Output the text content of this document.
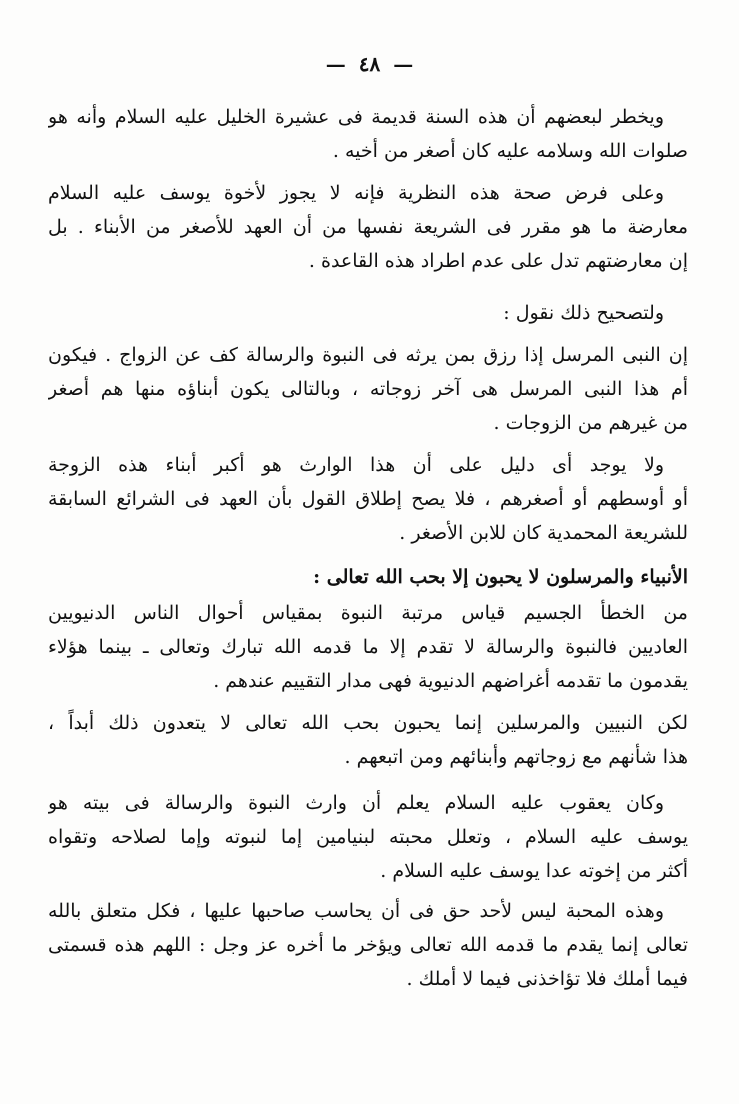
— ٤٨ —
ويخطر لبعضهم أن هذه السنة قديمة فى عشيرة الخليل عليه السلام وأنه هو
صلوات الله وسلامه عليه كان أصغر من أخيه .
وعلى فرض صحة هذه النظرية فإنه لا يجوز لأخوة يوسف عليه السلام
معارضة ما هو مقرر فى الشريعة نفسها من أن العهد للأصغر من الأبناء . بل
إن معارضتهم تدل على عدم اطراد هذه القاعدة .
ولتصحيح ذلك نقول :
إن النبى المرسل إذا رزق بمن يرثه فى النبوة والرسالة كف عن الزواج . فيكون
أم هذا النبى المرسل هى آخر زوجاته ، وبالتالى يكون أبناؤه منها هم أصغر
من غيرهم من الزوجات .
ولا يوجد أى دليل على أن هذا الوارث هو أكبر أبناء هذه الزوجة
أو أوسطهم أو أصغرهم ، فلا يصح إطلاق القول بأن العهد فى الشرائع السابقة
للشريعة المحمدية كان للابن الأصغر .
الأنبياء والمرسلون لا يحبون إلا بحب الله تعالى :
من الخطأ الجسيم قياس مرتبة النبوة بمقياس أحوال الناس الدنيويين
العاديين فالنبوة والرسالة لا تقدم إلا ما قدمه الله تبارك وتعالى ـ بينما هؤلاء
يقدمون ما تقدمه أغراضهم الدنيوية فهى مدار التقييم عندهم .
لكن النبيين والمرسلين إنما يحبون بحب الله تعالى لا يتعدون ذلك أبداً ،
هذا شأنهم مع زوجاتهم وأبنائهم ومن اتبعهم .
وكان يعقوب عليه السلام يعلم أن وارث النبوة والرسالة فى بيته هو
يوسف عليه السلام ، وتعلل محبته لبنيامين إما لنبوته وإما لصلاحه وتقواه
أكثر من إخوته عدا يوسف عليه السلام .
وهذه المحبة ليس لأحد حق فى أن يحاسب صاحبها عليها ، فكل متعلق بالله
تعالى إنما يقدم ما قدمه الله تعالى ويؤخر ما أخره عز وجل : اللهم هذه قسمتى
فيما أملك فلا تؤاخذنى فيما لا أملك .
